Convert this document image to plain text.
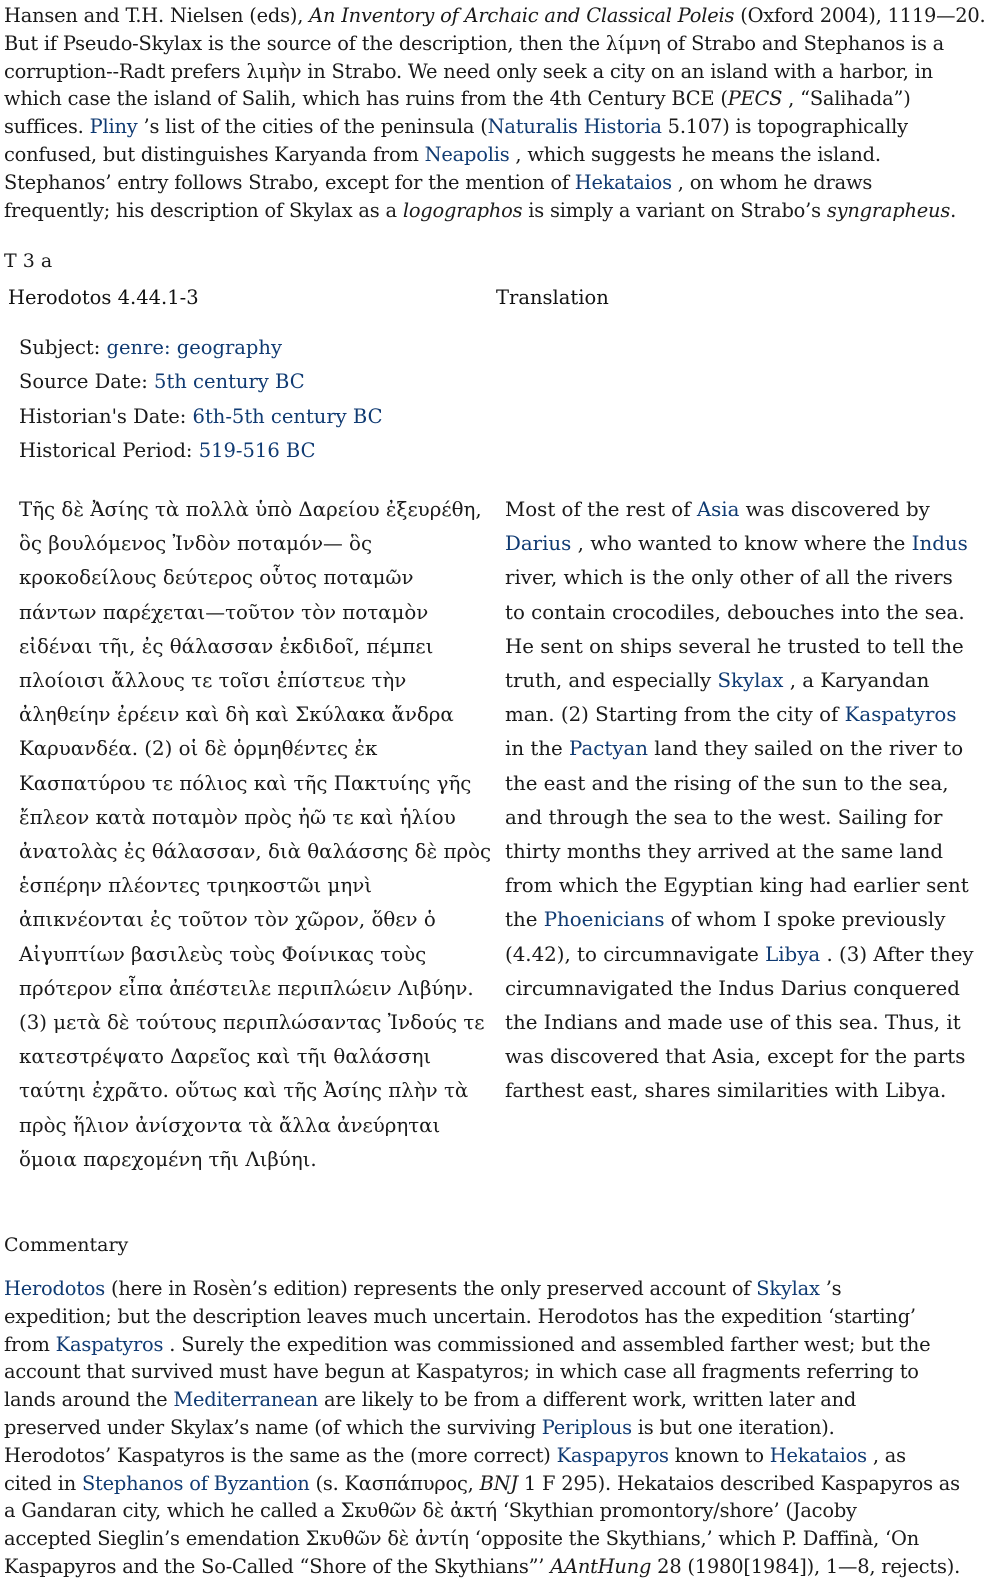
Hansen and T.H. Nielsen (eds), An Inventory of Archaic and Classical Poleis (Oxford 2004), 1119—20.
But if Pseudo-Skylax is the source of the description, then the λίμνη of Strabo and Stephanos is a
corruption--Radt prefers λιμὴν in Strabo. We need only seek a city on an island with a harbor, in
which case the island of Salih, which has ruins from the 4th Century BCE (PECS , “Salihada”)
suffices. Pliny ’s list of the cities of the peninsula (Naturalis Historia 5.107) is topographically
confused, but distinguishes Karyanda from Neapolis , which suggests he means the island.
Stephanos’ entry follows Strabo, except for the mention of Hekataios , on whom he draws
frequently; his description of Skylax as a logographos is simply a variant on Strabo’s syngrapheus.
T 3 a
Herodotos 4.44.1-3	Translation
Subject: genre: geography
Source Date: 5th century BC
Historian's Date: 6th-5th century BC
Historical Period: 519-516 BC
Τῆς δὲ Ἀσίης τὰ πολλὰ ὑπὸ Δαρείου ἐξευρέθη,
ὃς βουλόμενος Ἰνδὸν ποταμόν— ὃς
κροκοδείλους δεύτερος οὗτος ποταμῶν
πάντων παρέχεται—τοῦτον τὸν ποταμὸν
εἰδέναι τῆι, ἐς θάλασσαν ἐκδιδοῖ, πέμπει
πλοίοισι ἄλλους τε τοῖσι ἐπίστευε τὴν
ἀληθείην ἐρέειν καὶ δὴ καὶ Σκύλακα ἄνδρα
Καρυανδέα. (2) οἱ δὲ ὁρμηθέντες ἐκ
Κασπατύρου τε πόλιος καὶ τῆς Πακτυίης γῆς
ἔπλεον κατὰ ποταμὸν πρὸς ἠῶ τε καὶ ἡλίου
ἀνατολὰς ἐς θάλασσαν, διὰ θαλάσσης δὲ πρὸς
ἑσπέρην πλέοντες τριηκοστῶι μηνὶ
ἀπικνέονται ἐς τοῦτον τὸν χῶρον, ὅθεν ὁ
Αἰγυπτίων βασιλεὺς τοὺς Φοίνικας τοὺς
πρότερον εἶπα ἀπέστειλε περιπλώειν Λιβύην.
(3) μετὰ δὲ τούτους περιπλώσαντας Ἰνδούς τε
κατεστρέψατο Δαρεῖος καὶ τῆι θαλάσσηι
ταύτηι ἐχρᾶτο. οὕτως καὶ τῆς Ἀσίης πλὴν τὰ
πρὸς ἥλιον ἀνίσχοντα τὰ ἄλλα ἀνεύρηται
ὅμοια παρεχομένη τῆι Λιβύηι.
Most of the rest of Asia was discovered by
Darius , who wanted to know where the Indus
river, which is the only other of all the rivers
to contain crocodiles, debouches into the sea.
He sent on ships several he trusted to tell the
truth, and especially Skylax , a Karyandan
man. (2) Starting from the city of Kaspatyros
in the Pactyan land they sailed on the river to
the east and the rising of the sun to the sea,
and through the sea to the west. Sailing for
thirty months they arrived at the same land
from which the Egyptian king had earlier sent
the Phoenicians of whom I spoke previously
(4.42), to circumnavigate Libya . (3) After they
circumnavigated the Indus Darius conquered
the Indians and made use of this sea. Thus, it
was discovered that Asia, except for the parts
farthest east, shares similarities with Libya.
Commentary
Herodotos (here in Rosèn’s edition) represents the only preserved account of Skylax ’s
expedition; but the description leaves much uncertain. Herodotos has the expedition ‘starting’
from Kaspatyros . Surely the expedition was commissioned and assembled farther west; but the
account that survived must have begun at Kaspatyros; in which case all fragments referring to
lands around the Mediterranean are likely to be from a different work, written later and
preserved under Skylax’s name (of which the surviving Periplous is but one iteration).
Herodotos’ Kaspatyros is the same as the (more correct) Kaspapyros known to Hekataios , as
cited in Stephanos of Byzantion (s. Κασπάπυρος, BNJ 1 F 295). Hekataios described Kaspapyros as
a Gandaran city, which he called a Σκυθῶν δὲ ἀκτή ‘Skythian promontory/shore’ (Jacoby
accepted Sieglin’s emendation Σκυθῶν δὲ ἀντίη ‘opposite the Skythians,’ which P. Daffinà, ‘On
Kaspapyros and the So-Called “Shore of the Skythians”’ AAntHung 28 (1980[1984]), 1—8, rejects).
